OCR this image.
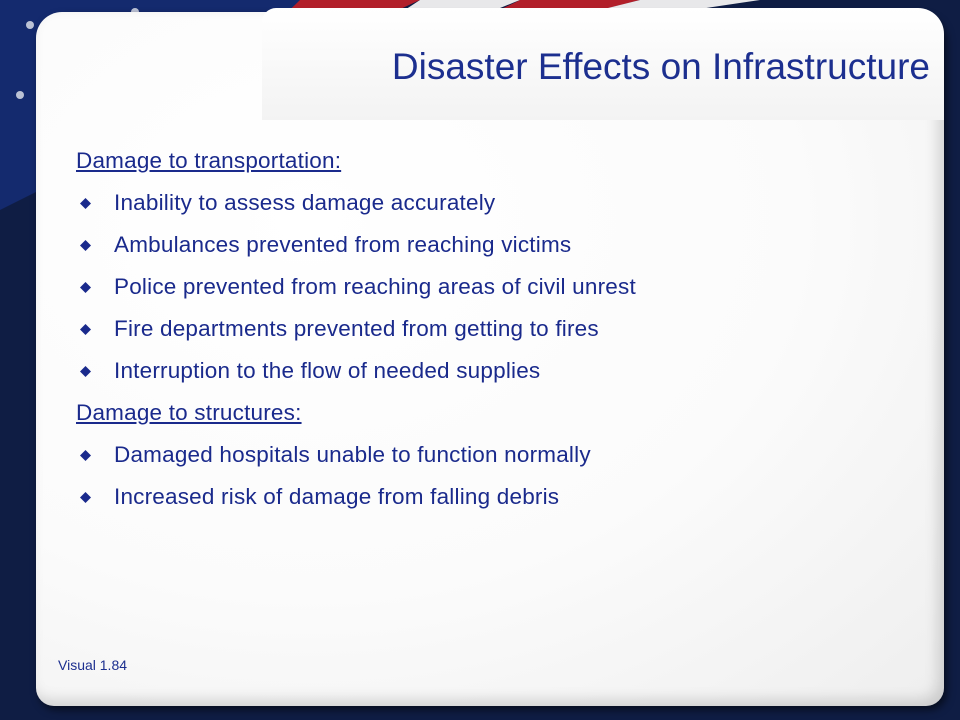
Disaster Effects on Infrastructure
Damage to transportation:
Inability to assess damage accurately
Ambulances prevented from reaching victims
Police prevented from reaching areas of civil unrest
Fire departments prevented from getting to fires
Interruption to the flow of needed supplies
Damage to structures:
Damaged hospitals unable to function normally
Increased risk of damage from falling debris
Visual 1.84
